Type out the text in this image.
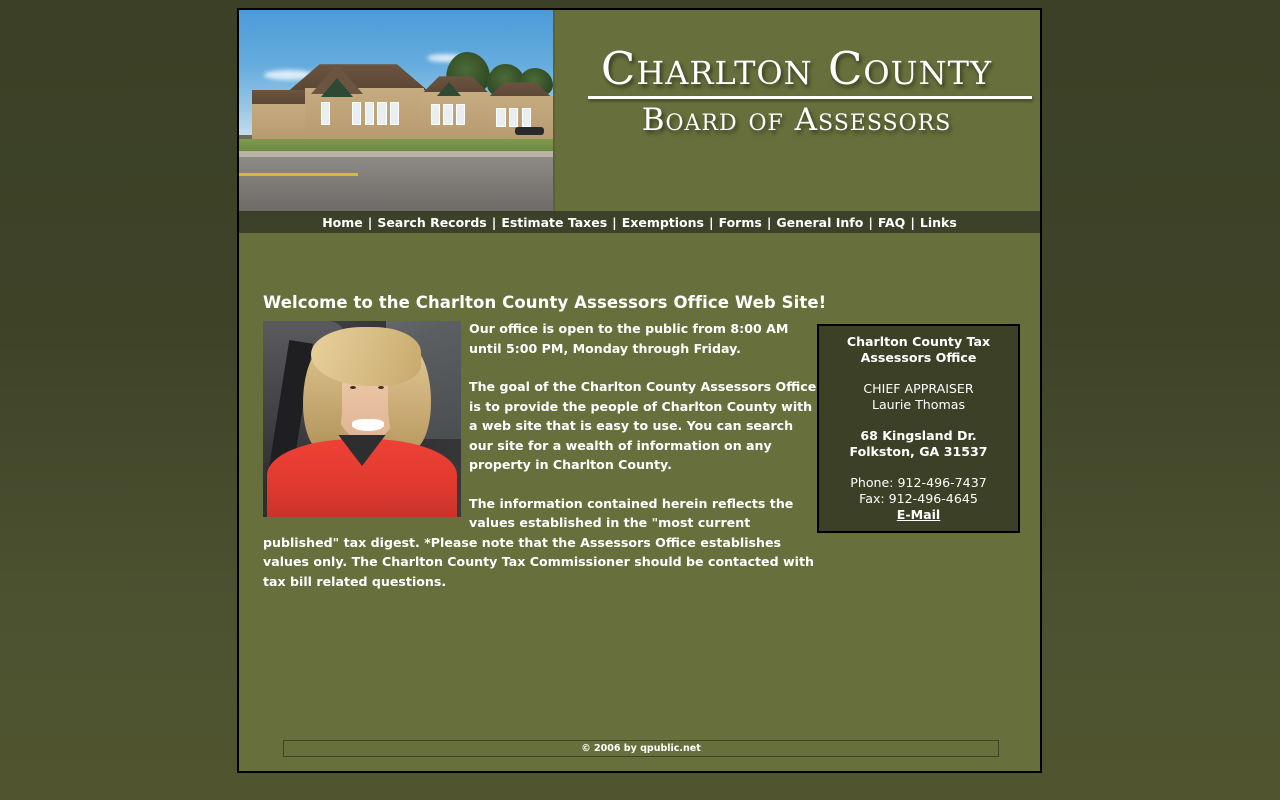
Charlton County
Board of Assessors
Home | Search Records | Estimate Taxes | Exemptions | Forms | General Info | FAQ | Links
Welcome to the Charlton County Assessors Office Web Site!

Our office is open to the public from 8:00 AM until 5:00 PM, Monday through Friday.

The goal of the Charlton County Assessors Office is to provide the people of Charlton County with a web site that is easy to use. You can search our site for a wealth of information on any property in Charlton County.

The information contained herein reflects the values established in the "most current published" tax digest. *Please note that the Assessors Office establishes values only. The Charlton County Tax Commissioner should be contacted with tax bill related questions.

Charlton County Tax
Assessors Office
CHIEF APPRAISER
Laurie Thomas
68 Kingsland Dr.
Folkston, GA 31537
Phone: 912-496-7437
Fax: 912-496-4645
E-Mail
© 2006 by qpublic.net
